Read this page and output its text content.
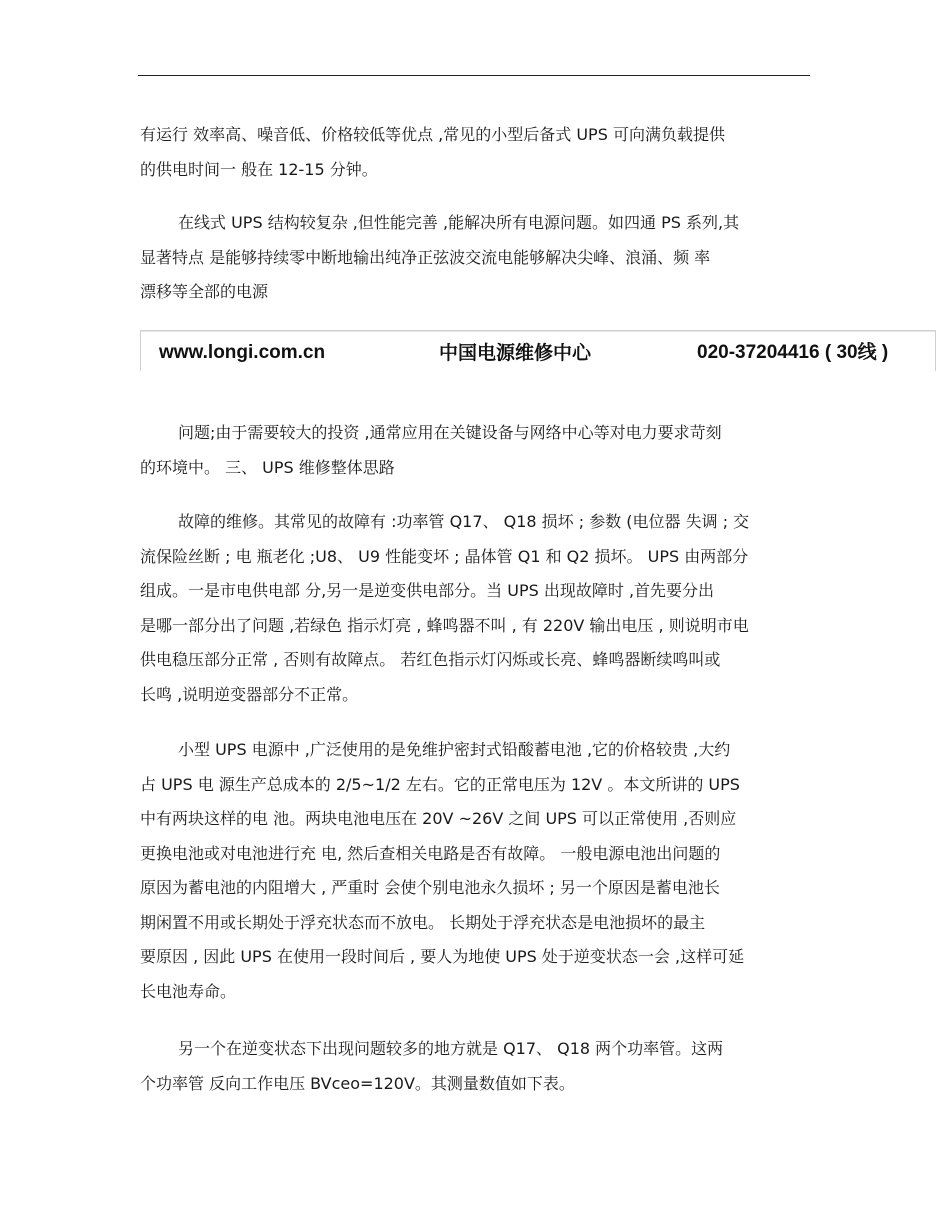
有运行 效率高、噪音低、价格较低等优点 ,常见的小型后备式 UPS 可向满负载提供
的供电时间一 般在 12-15 分钟。
在线式 UPS 结构较复杂 ,但性能完善 ,能解决所有电源问题。如四通 PS 系列,其
显著特点 是能够持续零中断地输出纯净正弦波交流电能够解决尖峰、浪涌、频 率
漂移等全部的电源
www.longi.com.cn	中国电源维修中心	020-37204416 ( 30线 )
问题;由于需要较大的投资 ,通常应用在关键设备与网络中心等对电力要求苛刻
的环境中。 三、 UPS 维修整体思路
故障的维修。其常见的故障有 :功率管 Q17、 Q18 损坏 ; 参数 (电位器 失调 ; 交
流保险丝断 ; 电 瓶老化 ;U8、 U9 性能变坏 ; 晶体管 Q1 和 Q2 损坏。 UPS 由两部分
组成。一是市电供电部 分,另一是逆变供电部分。当 UPS 出现故障时 ,首先要分出
是哪一部分出了问题 ,若绿色 指示灯亮 , 蜂鸣器不叫 , 有 220V 输出电压 , 则说明市电
供电稳压部分正常 , 否则有故障点。 若红色指示灯闪烁或长亮、蜂鸣器断续鸣叫或
长鸣 ,说明逆变器部分不正常。
小型 UPS 电源中 ,广泛使用的是免维护密封式铅酸蓄电池 ,它的价格较贵 ,大约
占 UPS 电 源生产总成本的 2/5~1/2 左右。它的正常电压为 12V 。本文所讲的 UPS
中有两块这样的电 池。两块电池电压在 20V ~26V 之间 UPS 可以正常使用 ,否则应
更换电池或对电池进行充 电, 然后查相关电路是否有故障。 一般电源电池出问题的
原因为蓄电池的内阻增大 , 严重时 会使个别电池永久损坏 ; 另一个原因是蓄电池长
期闲置不用或长期处于浮充状态而不放电。 长期处于浮充状态是电池损坏的最主
要原因 , 因此 UPS 在使用一段时间后 , 要人为地使 UPS 处于逆变状态一会 ,这样可延
长电池寿命。
另一个在逆变状态下出现问题较多的地方就是 Q17、 Q18 两个功率管。这两
个功率管 反向工作电压 BVceo=120V。其测量数值如下表。
